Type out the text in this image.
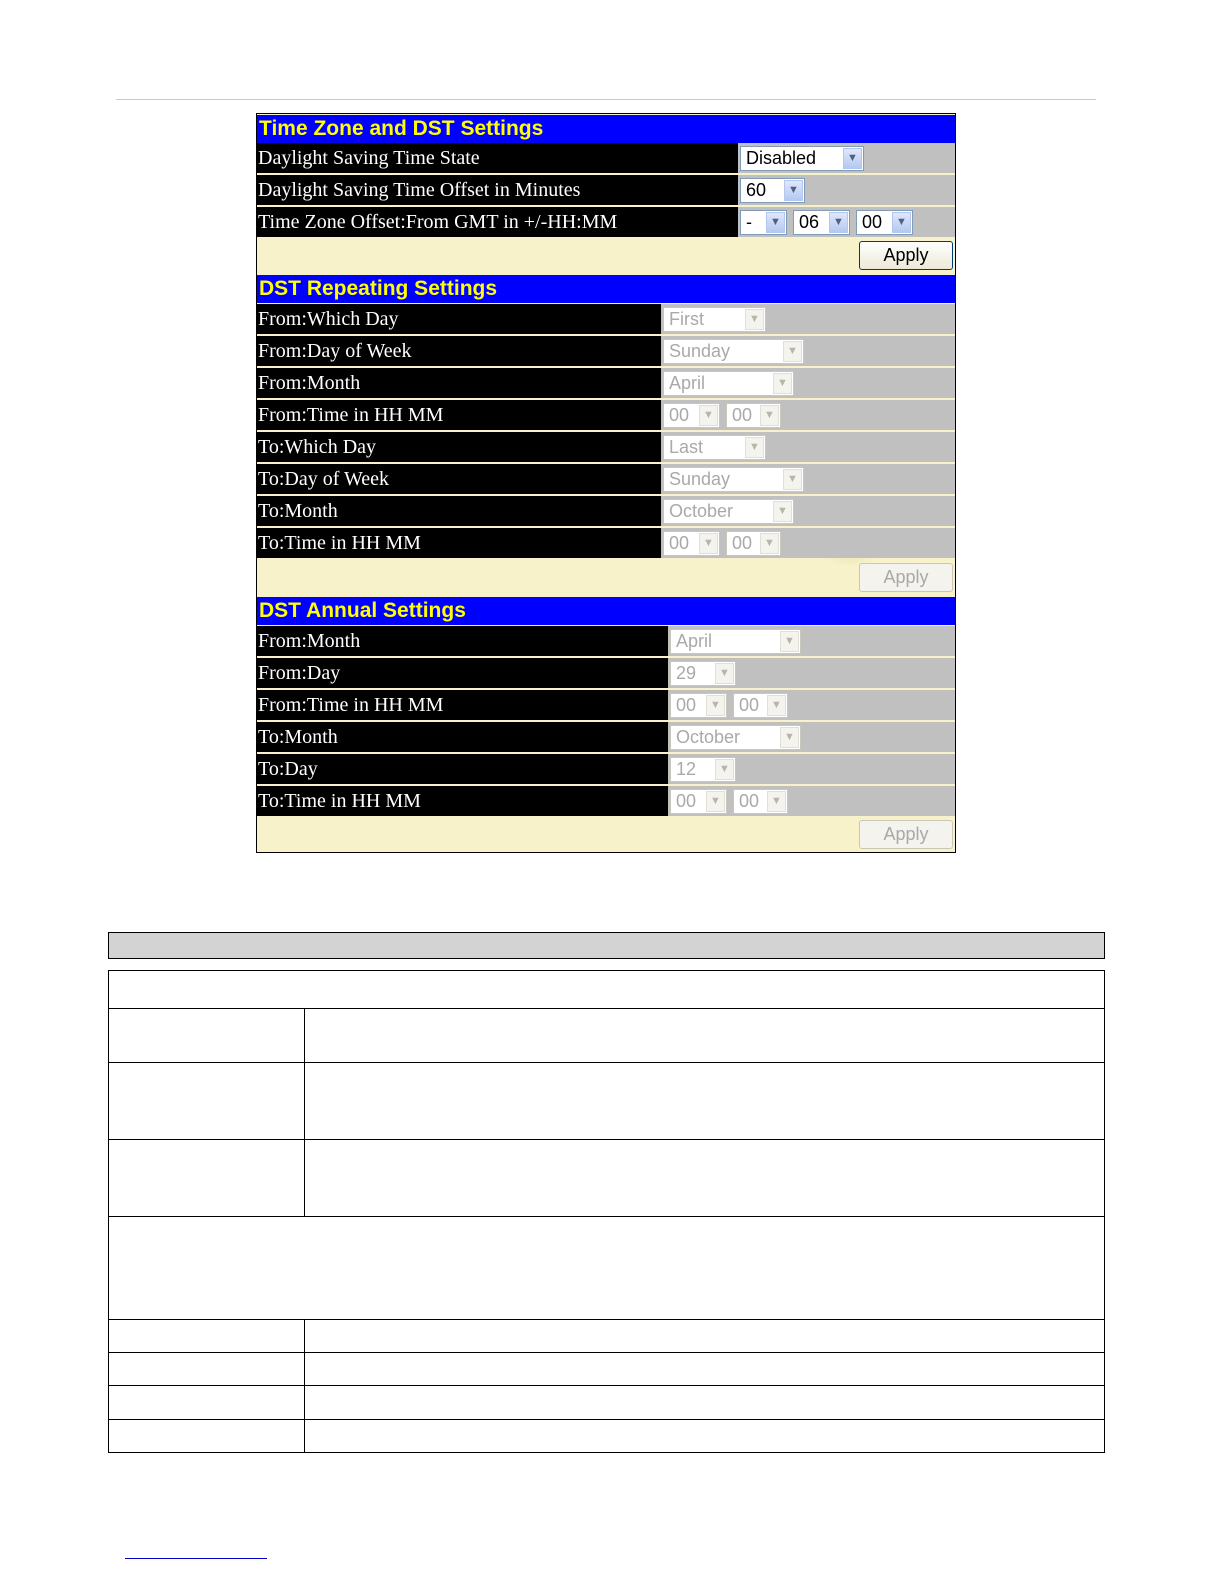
Time Zone and DST Settings
Daylight Saving Time State	Disabled	▼
Daylight Saving Time Offset in Minutes	60	▼
Time Zone Offset:From GMT in +/-HH:MM	-	▼	06	▼	00	▼
Apply
DST Repeating Settings
From:Which Day	First	▼
From:Day of Week	Sunday	▼
From:Month	April	▼
From:Time in HH MM	00	▼	00	▼
To:Which Day	Last	▼
To:Day of Week	Sunday	▼
To:Month	October	▼
To:Time in HH MM	00	▼	00	▼
Apply
DST Annual Settings
From:Month	April	▼
From:Day	29	▼
From:Time in HH MM	00	▼	00	▼
To:Month	October	▼
To:Day	12	▼
To:Time in HH MM	00	▼	00	▼
Apply
